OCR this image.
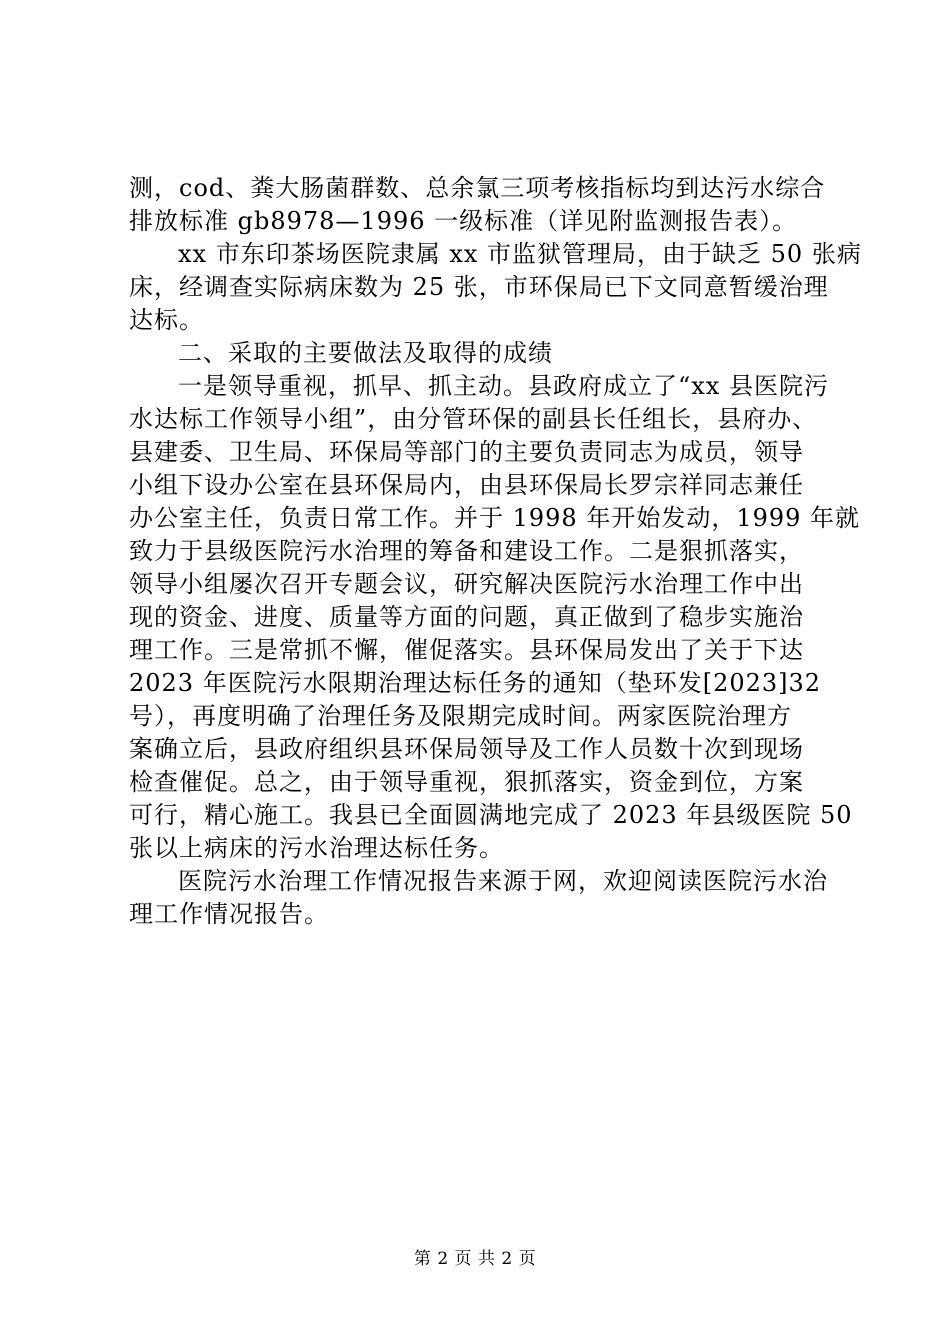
测，cod、粪大肠菌群数、总余氯三项考核指标均到达污水综合
排放标准 gb8978—1996 一级标准（详见附监测报告表）。
xx 市东印茶场医院隶属 xx 市监狱管理局，由于缺乏 50 张病
床，经调查实际病床数为 25 张，市环保局已下文同意暂缓治理
达标。
二、采取的主要做法及取得的成绩
一是领导重视，抓早、抓主动。县政府成立了“xx 县医院污
水达标工作领导小组”，由分管环保的副县长任组长，县府办、
县建委、卫生局、环保局等部门的主要负责同志为成员，领导
小组下设办公室在县环保局内，由县环保局长罗宗祥同志兼任
办公室主任，负责日常工作。并于 1998 年开始发动，1999 年就
致力于县级医院污水治理的筹备和建设工作。二是狠抓落实，
领导小组屡次召开专题会议，研究解决医院污水治理工作中出
现的资金、进度、质量等方面的问题，真正做到了稳步实施治
理工作。三是常抓不懈，催促落实。县环保局发出了关于下达
2023 年医院污水限期治理达标任务的通知（垫环发[2023]32
号），再度明确了治理任务及限期完成时间。两家医院治理方
案确立后，县政府组织县环保局领导及工作人员数十次到现场
检查催促。总之，由于领导重视，狠抓落实，资金到位，方案
可行，精心施工。我县已全面圆满地完成了 2023 年县级医院 50
张以上病床的污水治理达标任务。
医院污水治理工作情况报告来源于网，欢迎阅读医院污水治
理工作情况报告。
第 2 页 共 2 页
